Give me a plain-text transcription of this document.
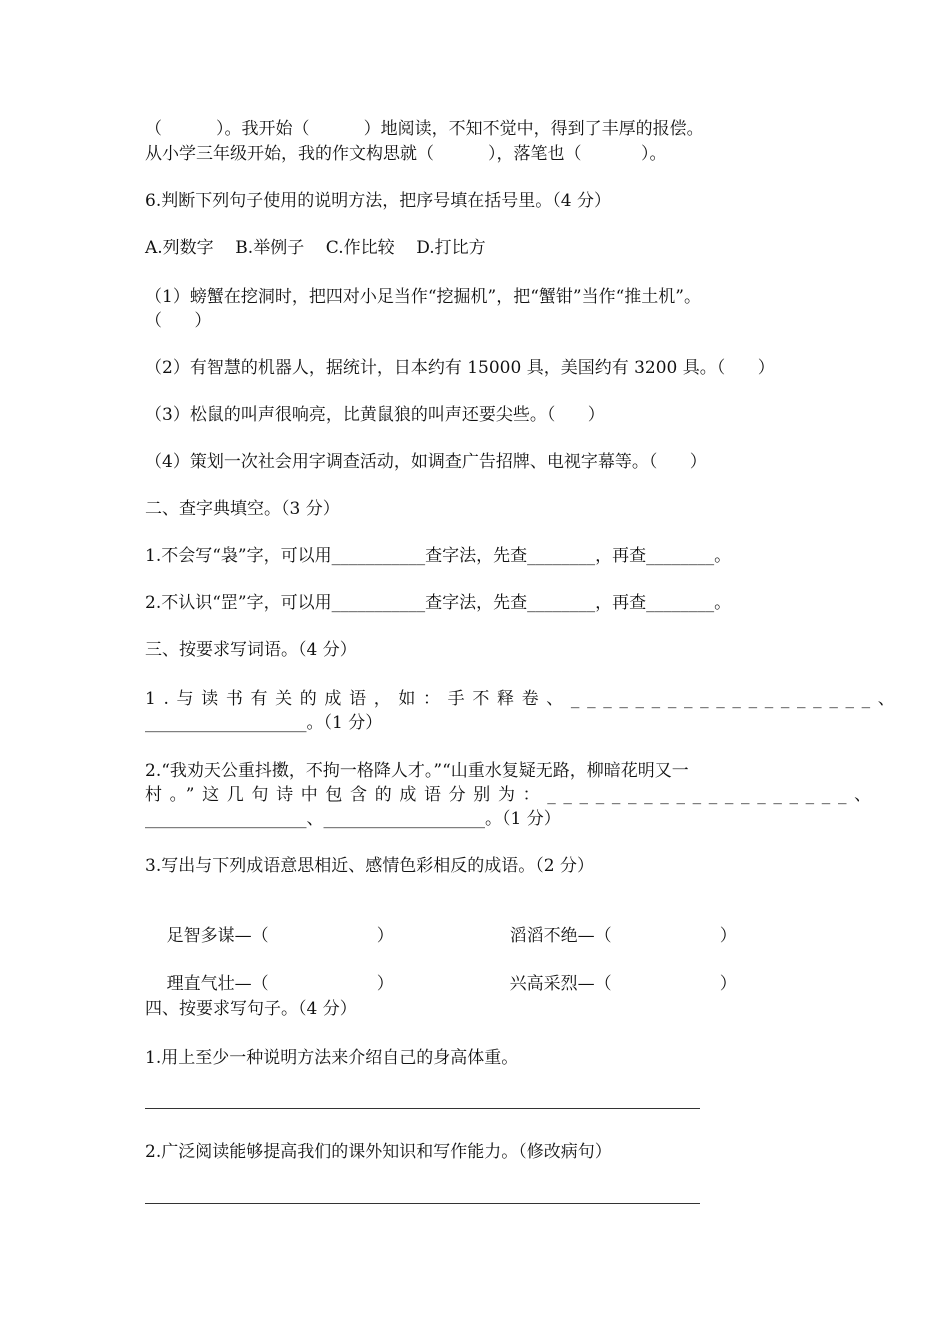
（          ）。我开始（          ）地阅读，不知不觉中，得到了丰厚的报偿。
从小学三年级开始，我的作文构思就（          ），落笔也（           ）。
6.判断下列句子使用的说明方法，把序号填在括号里。（4 分）
A.列数字    B.举例子    C.作比较    D.打比方
（1）螃蟹在挖洞时，把四对小足当作“挖掘机”，把“蟹钳”当作“推土机”。
（      ）
（2）有智慧的机器人，据统计，日本约有 15000 具，美国约有 3200 具。（      ）
（3）松鼠的叫声很响亮，比黄鼠狼的叫声还要尖些。（      ）
（4）策划一次社会用字调查活动，如调查广告招牌、电视字幕等。（      ）
二、查字典填空。（3 分）
1.不会写“袅”字，可以用___________查字法，先查________，再查________。
2.不认识“罡”字，可以用___________查字法，先查________，再查________。
三、按要求写词语。（4 分）
1.与读书有关的成语，如：手不释卷、___________________、
___________________。（1 分）
2.“我劝天公重抖擞，不拘一格降人才。”“山重水复疑无路，柳暗花明又一
村。”这几句诗中包含的成语分别为：___________________、
___________________、___________________。（1 分）
3.写出与下列成语意思相近、感情色彩相反的成语。（2 分）

足智多谋—（                    ）
	滔滔不绝—（                    ）

理直气壮—（                    ）
	兴高采烈—（                    ）

四、按要求写句子。（4 分）
1.用上至少一种说明方法来介绍自己的身高体重。
2.广泛阅读能够提高我们的课外知识和写作能力。（修改病句）
